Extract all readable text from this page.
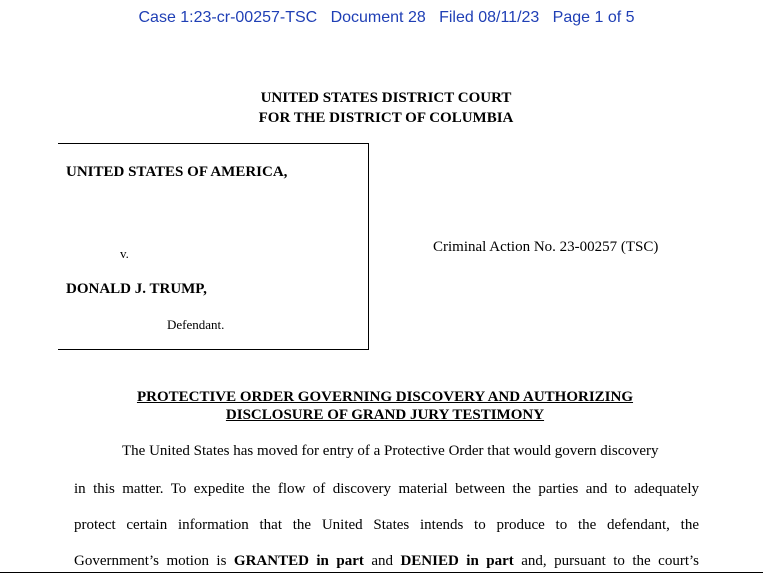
Case 1:23-cr-00257-TSC Document 28 Filed 08/11/23 Page 1 of 5
UNITED STATES DISTRICT COURT
FOR THE DISTRICT OF COLUMBIA
UNITED STATES OF AMERICA,
v.
DONALD J. TRUMP,
Defendant.
Criminal Action No. 23-00257 (TSC)
PROTECTIVE ORDER GOVERNING DISCOVERY AND AUTHORIZING
DISCLOSURE OF GRAND JURY TESTIMONY
The United States has moved for entry of a Protective Order that would govern discovery
in this matter. To expedite the flow of discovery material between the parties and to adequately
protect certain information that the United States intends to produce to the defendant, the
Government’s motion is GRANTED in part and DENIED in part and, pursuant to the court’s
